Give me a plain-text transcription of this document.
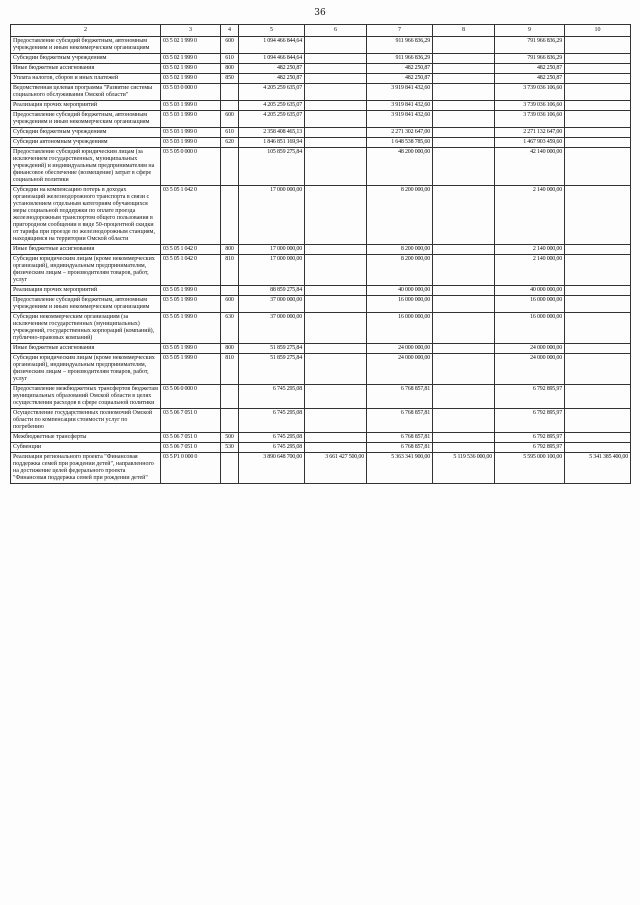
36
2	3	4	5	6	7	8	9	10
Предоставление субсидий бюджетным, автономным учреждениям и иным некоммерческим организациям	03 5 02 1 999 0	600	1 094 466 844,64		911 966 836,29		791 966 836,29	
Субсидии бюджетным учреждениям	03 5 02 1 999 0	610	1 094 466 844,64		911 966 836,29		791 966 836,29	
Иные бюджетные ассигнования	03 5 02 1 999 0	800	482 250,87		482 250,87		482 250,87	
Уплата налогов, сборов и иных платежей	03 5 02 1 999 0	850	482 250,87		482 250,87		482 250,87	
Ведомственная целевая программа "Развитие системы социального обслуживания Омской области"	03 5 03 0 000 0		4 205 259 635,07		3 919 841 432,60		3 739 036 106,60	
Реализация прочих мероприятий	03 5 03 1 999 0		4 205 259 635,07		3 919 841 432,60		3 739 036 106,60	
Предоставление субсидий бюджетным, автономным учреждениям и иным некоммерческим организациям	03 5 03 1 999 0	600	4 205 259 635,07		3 919 841 432,60		3 739 036 106,60	
Субсидии бюджетным учреждениям	03 5 03 1 999 0	610	2 358 408 465,13		2 271 302 647,00		2 271 132 647,00	
Субсидии автономным учреждениям	03 5 03 1 999 0	620	1 846 851 169,94		1 648 538 785,60		1 467 903 459,60	
Предоставление субсидий юридическим лицам (за исключением государственных, муниципальных учреждений) и индивидуальным предпринимателям на финансовое обеспечение (возмещение) затрат в сфере социальной политики	03 5 05 0 000 0		105 859 275,84		48 200 000,00		42 140 000,00	
Субсидии на компенсацию потерь в доходах организаций железнодорожного транспорта в связи с установлением отдельным категориям обучающихся меры социальной поддержки по оплате проезда железнодорожным транспортом общего пользования в пригородном сообщении в виде 50-процентной скидки от тарифа при проезде по железнодорожным станциям, находящимся на территории Омской области	03 5 05 1 042 0		17 000 000,00		8 200 000,00		2 140 000,00	
Иные бюджетные ассигнования	03 5 05 1 042 0	800	17 000 000,00		8 200 000,00		2 140 000,00	
Субсидии юридическим лицам (кроме некоммерческих организаций), индивидуальным предпринимателям, физическим лицам – производителям товаров, работ, услуг	03 5 05 1 042 0	810	17 000 000,00		8 200 000,00		2 140 000,00	
Реализация прочих мероприятий	03 5 05 1 999 0		88 859 275,84		40 000 000,00		40 000 000,00	
Предоставление субсидий бюджетным, автономным учреждениям и иным некоммерческим организациям	03 5 05 1 999 0	600	37 000 000,00		16 000 000,00		16 000 000,00	
Субсидии некоммерческим организациям (за исключением государственных (муниципальных) учреждений, государственных корпораций (компаний), публично-правовых компаний)	03 5 05 1 999 0	630	37 000 000,00		16 000 000,00		16 000 000,00	
Иные бюджетные ассигнования	03 5 05 1 999 0	800	51 859 275,84		24 000 000,00		24 000 000,00	
Субсидии юридическим лицам (кроме некоммерческих организаций), индивидуальным предпринимателям, физическим лицам – производителям товаров, работ, услуг	03 5 05 1 999 0	810	51 859 275,84		24 000 000,00		24 000 000,00	
Предоставление межбюджетных трансфертов бюджетам муниципальных образований Омской области в целях осуществления расходов в сфере социальной политики	03 5 06 0 000 0		6 745 295,08		6 768 857,81		6 792 895,97	
Осуществление государственных полномочий Омской области по компенсации стоимости услуг по погребению	03 5 06 7 051 0		6 745 295,08		6 768 857,81		6 792 895,97	
Межбюджетные трансферты	03 5 06 7 051 0	500	6 745 295,08		6 768 857,81		6 792 895,97	
Субвенции	03 5 06 7 051 0	530	6 745 295,08		6 768 857,81		6 792 895,97	
Реализация регионального проекта "Финансовая поддержка семей при рождении детей", направленного на достижение целей федерального проекта "Финансовая поддержка семей при рождении детей"	03 5 P1 0 000 0		3 890 648 700,00	3 661 427 500,00	5 363 341 900,00	5 119 536 000,00	5 595 000 100,00	5 341 385 400,00
